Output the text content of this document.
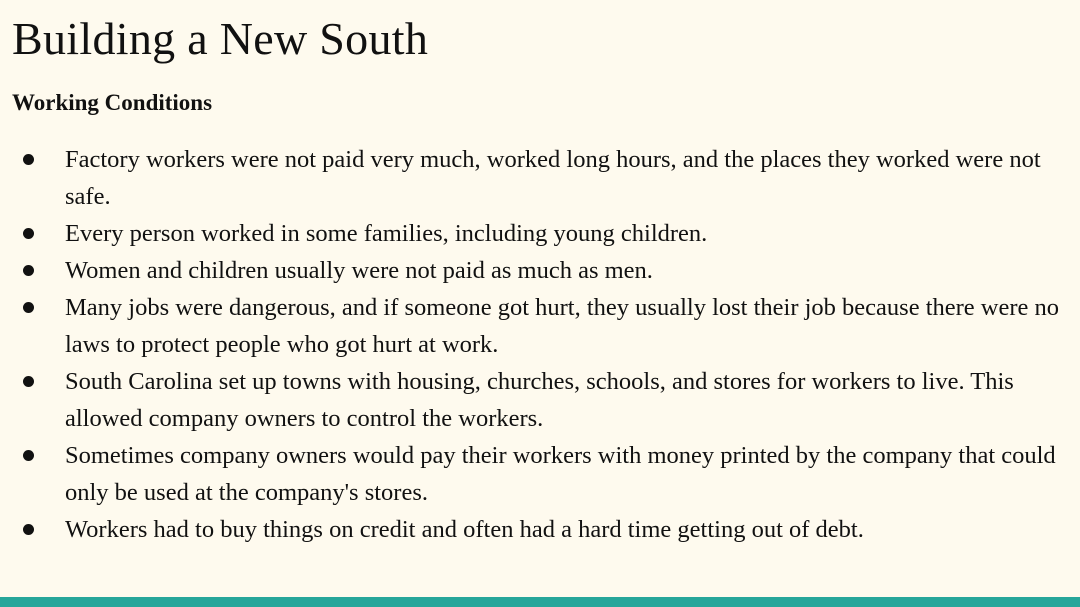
Building a New South
Working Conditions
Factory workers were not paid very much, worked long hours, and the places they worked were not safe.
Every person worked in some families, including young children.
Women and children usually were not paid as much as men.
Many jobs were dangerous, and if someone got hurt, they usually lost their job because there were no laws to protect people who got hurt at work.
South Carolina set up towns with housing, churches, schools, and stores for workers to live. This allowed company owners to control the workers.
Sometimes company owners would pay their workers with money printed by the company that could only be used at the company's stores.
Workers had to buy things on credit and often had a hard time getting out of debt.
